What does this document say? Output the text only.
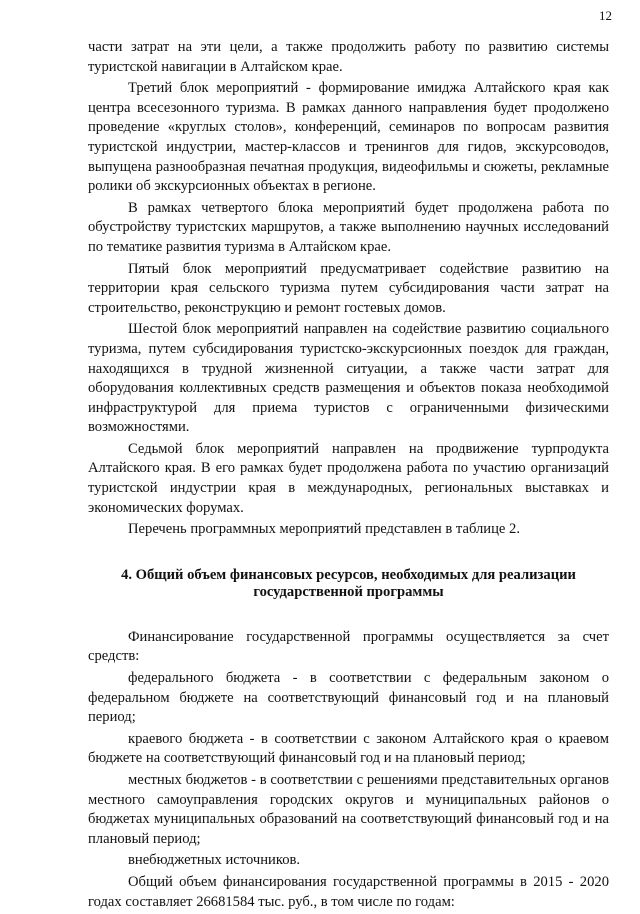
12

части затрат на эти цели, а также продолжить работу по развитию системы туристской навигации в Алтайском крае.

Третий блок мероприятий - формирование имиджа Алтайского края как центра всесезонного туризма. В рамках данного направления будет продолжено проведение «круглых столов», конференций, семинаров по вопросам развития туристской индустрии, мастер-классов и тренингов для гидов, экскурсоводов, выпущена разнообразная печатная продукция, видеофильмы и сюжеты, рекламные ролики об экскурсионных объектах в регионе.

В рамках четвертого блока мероприятий будет продолжена работа по обустройству туристских маршрутов, а также выполнению научных исследований по тематике развития туризма в Алтайском крае.

Пятый блок мероприятий предусматривает содействие развитию на территории края сельского туризма путем субсидирования части затрат на строительство, реконструкцию и ремонт гостевых домов.

Шестой блок мероприятий направлен на содействие развитию социального туризма, путем субсидирования туристско-экскурсионных поездок для граждан, находящихся в трудной жизненной ситуации, а также части затрат для оборудования коллективных средств размещения и объектов показа необходимой инфраструктурой для приема туристов с ограниченными физическими возможностями.

Седьмой блок мероприятий направлен на продвижение турпродукта Алтайского края. В его рамках будет продолжена работа по участию организаций туристской индустрии края в международных, региональных выставках и экономических форумах.

Перечень программных мероприятий представлен в таблице 2.

4. Общий объем финансовых ресурсов, необходимых для реализации государственной программы

Финансирование государственной программы осуществляется за счет средств:

федерального бюджета - в соответствии с федеральным законом о федеральном бюджете на соответствующий финансовый год и на плановый период;

краевого бюджета - в соответствии с законом Алтайского края о краевом бюджете на соответствующий финансовый год и на плановый период;

местных бюджетов - в соответствии с решениями представительных органов местного самоуправления городских округов и муниципальных районов о бюджетах муниципальных образований на соответствующий финансовый год и на плановый период;

внебюджетных источников.

Общий объем финансирования государственной программы в 2015 - 2020 годах составляет 26681584 тыс. руб., в том числе по годам:
